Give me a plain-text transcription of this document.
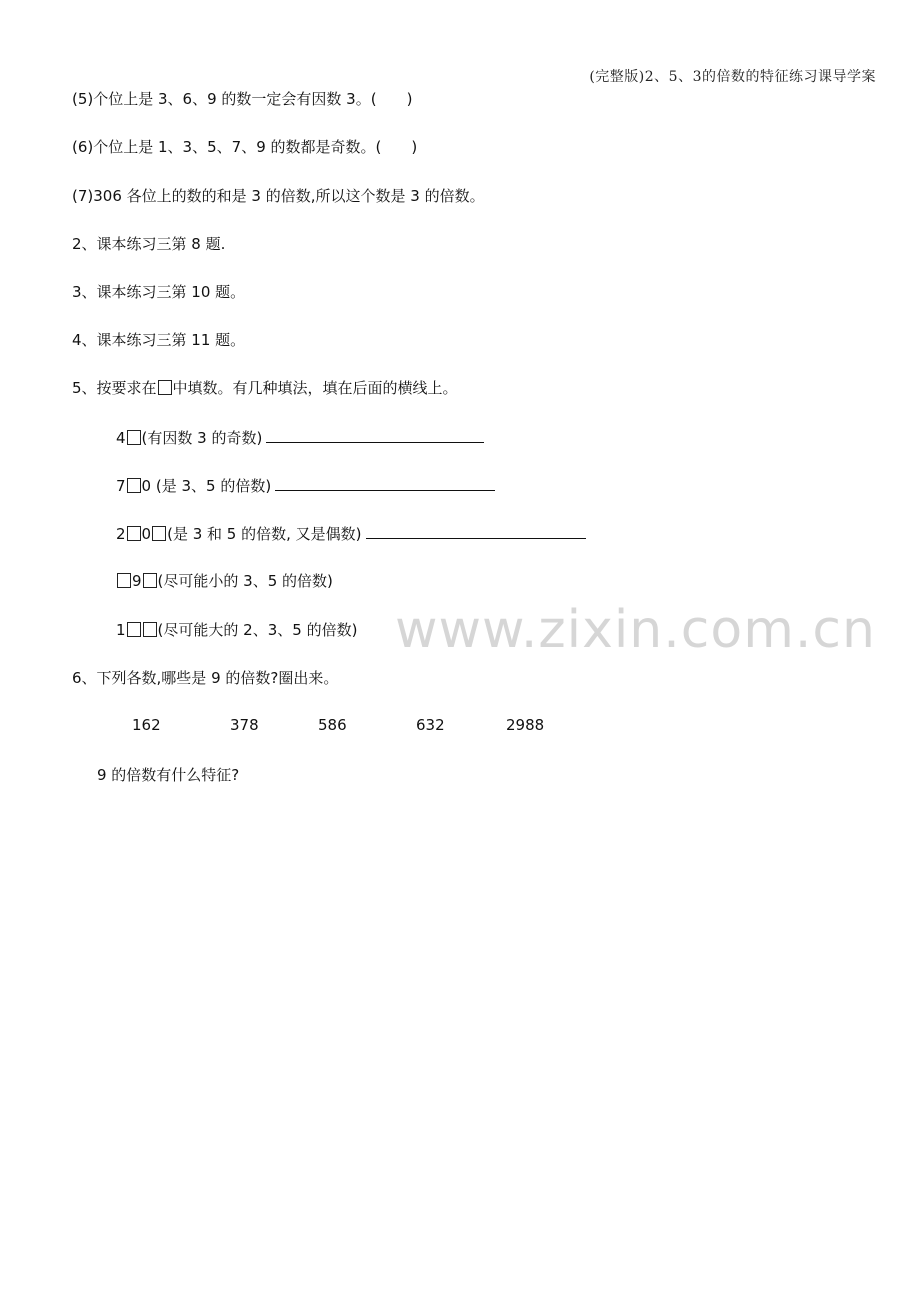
(完整版)2、5、3的倍数的特征练习课导学案
(5)个位上是 3、6、9 的数一定会有因数 3。(　　)
(6)个位上是 1、3、5、7、9 的数都是奇数。(　　)
(7)306 各位上的数的和是 3 的倍数,所以这个数是 3 的倍数。
2、课本练习三第 8 题.
3、课本练习三第 10 题。
4、课本练习三第 11 题。
5、按要求在 中填数。有几种填法，填在后面的横线上。
4 (有因数 3 的奇数)
7 0 (是 3、5 的倍数)
2 0 (是 3 和 5 的倍数, 又是偶数)
9 (尽可能小的 3、5 的倍数)
1 (尽可能大的 2、3、5 的倍数)
6、下列各数,哪些是 9 的倍数?圈出来。
162	378	586	632	2988
9 的倍数有什么特征?
www.zixin.com.cn
